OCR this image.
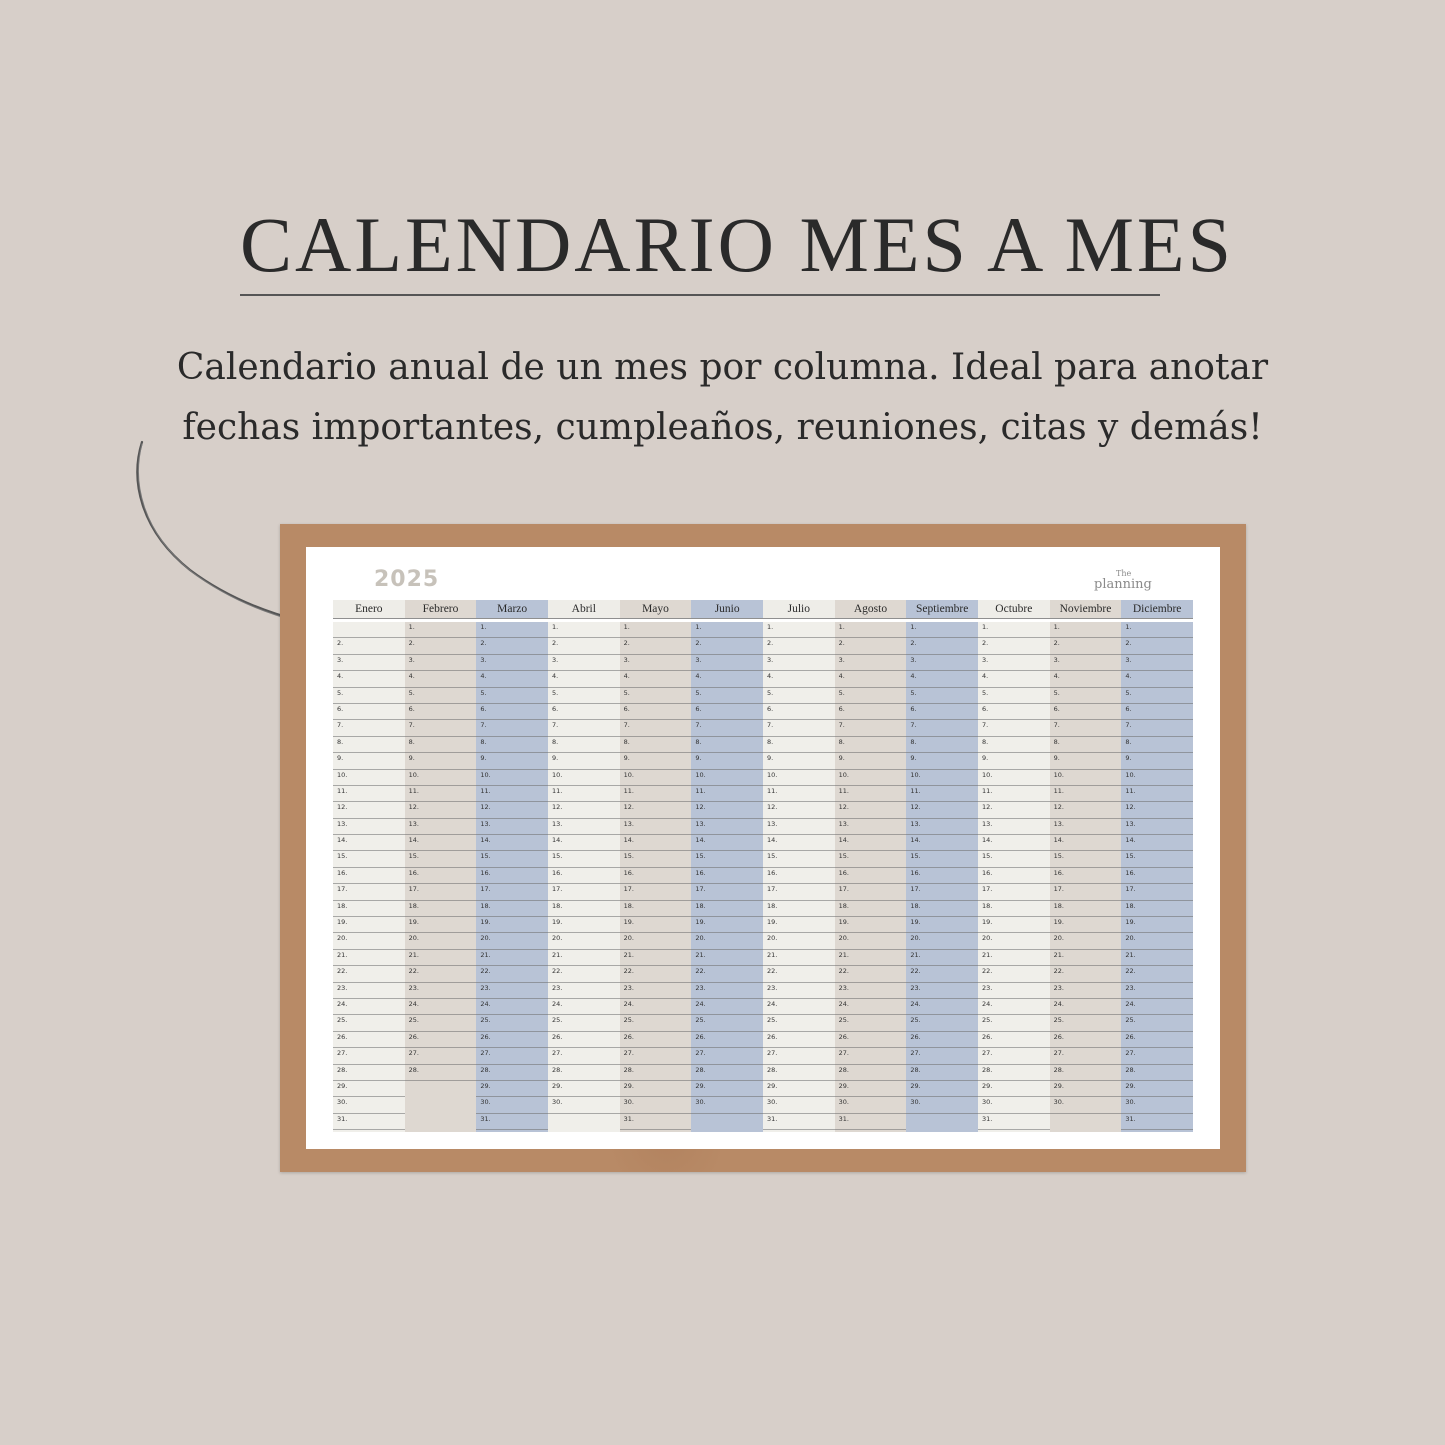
CALENDARIO MES A MES
Calendario anual de un mes por columna. Ideal para anotar
fechas importantes, cumpleaños, reuniones, citas y demás!
2025	The
planning
Enero
2.
3.
4.
5.
6.
7.
8.
9.
10.
11.
12.
13.
14.
15.
16.
17.
18.
19.
20.
21.
22.
23.
24.
25.
26.
27.
28.
29.
30.
31.
Febrero
1.
2.
3.
4.
5.
6.
7.
8.
9.
10.
11.
12.
13.
14.
15.
16.
17.
18.
19.
20.
21.
22.
23.
24.
25.
26.
27.
28.
Marzo
1.
2.
3.
4.
5.
6.
7.
8.
9.
10.
11.
12.
13.
14.
15.
16.
17.
18.
19.
20.
21.
22.
23.
24.
25.
26.
27.
28.
29.
30.
31.
Abril
1.
2.
3.
4.
5.
6.
7.
8.
9.
10.
11.
12.
13.
14.
15.
16.
17.
18.
19.
20.
21.
22.
23.
24.
25.
26.
27.
28.
29.
30.
Mayo
1.
2.
3.
4.
5.
6.
7.
8.
9.
10.
11.
12.
13.
14.
15.
16.
17.
18.
19.
20.
21.
22.
23.
24.
25.
26.
27.
28.
29.
30.
31.
Junio
1.
2.
3.
4.
5.
6.
7.
8.
9.
10.
11.
12.
13.
14.
15.
16.
17.
18.
19.
20.
21.
22.
23.
24.
25.
26.
27.
28.
29.
30.
Julio
1.
2.
3.
4.
5.
6.
7.
8.
9.
10.
11.
12.
13.
14.
15.
16.
17.
18.
19.
20.
21.
22.
23.
24.
25.
26.
27.
28.
29.
30.
31.
Agosto
1.
2.
3.
4.
5.
6.
7.
8.
9.
10.
11.
12.
13.
14.
15.
16.
17.
18.
19.
20.
21.
22.
23.
24.
25.
26.
27.
28.
29.
30.
31.
Septiembre
1.
2.
3.
4.
5.
6.
7.
8.
9.
10.
11.
12.
13.
14.
15.
16.
17.
18.
19.
20.
21.
22.
23.
24.
25.
26.
27.
28.
29.
30.
Octubre
1.
2.
3.
4.
5.
6.
7.
8.
9.
10.
11.
12.
13.
14.
15.
16.
17.
18.
19.
20.
21.
22.
23.
24.
25.
26.
27.
28.
29.
30.
31.
Noviembre
1.
2.
3.
4.
5.
6.
7.
8.
9.
10.
11.
12.
13.
14.
15.
16.
17.
18.
19.
20.
21.
22.
23.
24.
25.
26.
27.
28.
29.
30.
Diciembre
1.
2.
3.
4.
5.
6.
7.
8.
9.
10.
11.
12.
13.
14.
15.
16.
17.
18.
19.
20.
21.
22.
23.
24.
25.
26.
27.
28.
29.
30.
31.
